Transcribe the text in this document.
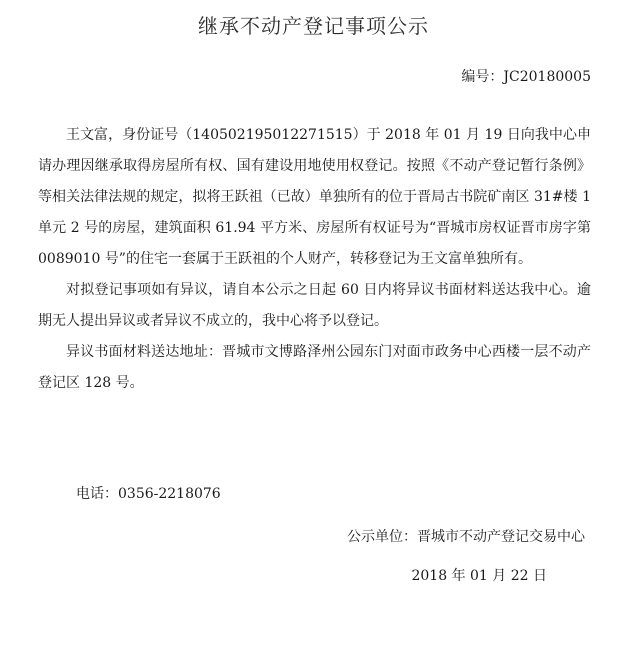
继承不动产登记事项公示
编号：JC20180005

王文富，身份证号（140502195012271515）于 2018 年 01 月 19 日向我中心申请办理因继承取得房屋所有权、国有建设用地使用权登记。按照《不动产登记暂行条例》等相关法律法规的规定，拟将王跃祖（已故）单独所有的位于晋局古书院矿南区 31#楼 1 单元 2 号的房屋，建筑面积 61.94 平方米、房屋所有权证号为“晋城市房权证晋市房字第 0089010 号”的住宅一套属于王跃祖的个人财产，转移登记为王文富单独所有。

对拟登记事项如有异议，请自本公示之日起 60 日内将异议书面材料送达我中心。逾期无人提出异议或者异议不成立的，我中心将予以登记。

异议书面材料送达地址：晋城市文博路泽州公园东门对面市政务中心西楼一层不动产登记区 128 号。

电话：0356-2218076
公示单位：晋城市不动产登记交易中心
2018 年 01 月 22 日
